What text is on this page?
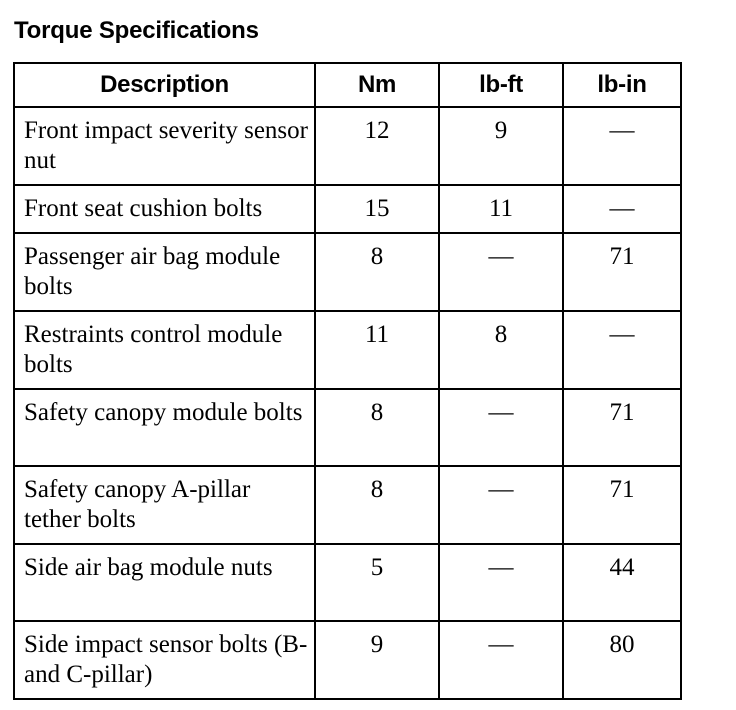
Torque Specifications
Description	Nm	lb-ft	lb-in
Front impact severity sensor nut	12	9	—
Front seat cushion bolts	15	11	—
Passenger air bag module bolts	8	—	71
Restraints control module bolts	11	8	—
Safety canopy module bolts	8	—	71
Safety canopy A-pillar tether bolts	8	—	71
Side air bag module nuts	5	—	44
Side impact sensor bolts (B- and C-pillar)	9	—	80
